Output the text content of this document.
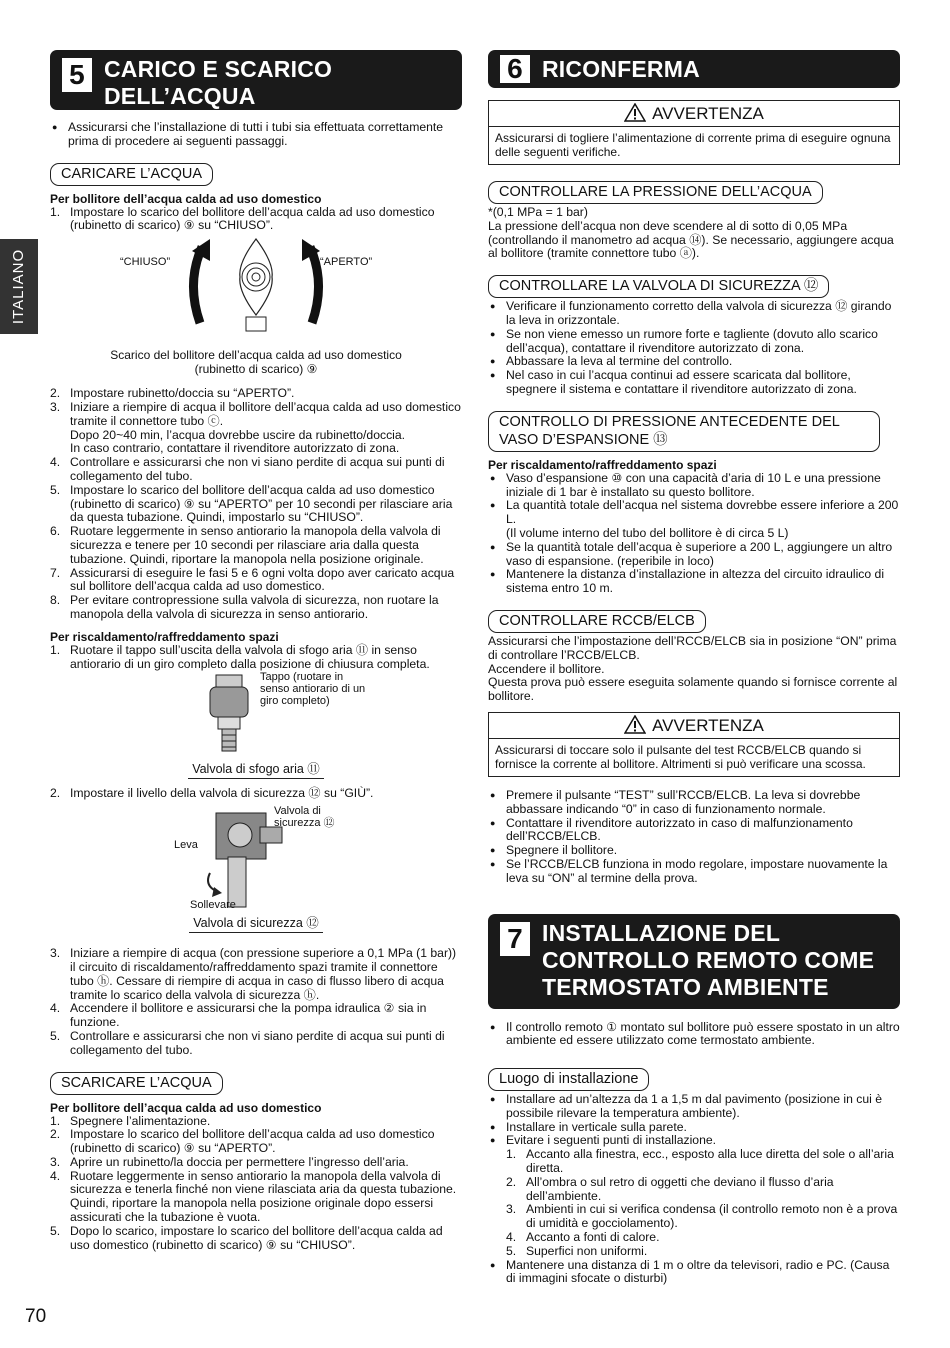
ITALIANO
5 CARICO E SCARICO DELL’ACQUA
● Assicurarsi che l’installazione di tutti i tubi sia effettuata correttamente prima di procedere ai seguenti passaggi.
CARICARE L’ACQUA
Per bollitore dell’acqua calda ad uso domestico
1. Impostare lo scarico del bollitore dell’acqua calda ad uso domestico (rubinetto di scarico) ⑨ su “CHIUSO”.
“CHIUSO”	“APERTO”
Scarico del bollitore dell’acqua calda ad uso domestico (rubinetto di scarico) ⑨
2. Impostare rubinetto/doccia su “APERTO”.
3. Iniziare a riempire di acqua il bollitore dell’acqua calda ad uso domestico tramite il connettore tubo ⓒ.
Dopo 20~40 min, l’acqua dovrebbe uscire da rubinetto/doccia.
In caso contrario, contattare il rivenditore autorizzato di zona.
4. Controllare e assicurarsi che non vi siano perdite di acqua sui punti di collegamento del tubo.
5. Impostare lo scarico del bollitore dell’acqua calda ad uso domestico (rubinetto di scarico) ⑨ su “APERTO” per 10 secondi per rilasciare aria da questa tubazione. Quindi, impostarlo su “CHIUSO”.
6. Ruotare leggermente in senso antiorario la manopola della valvola di sicurezza e tenere per 10 secondi per rilasciare aria dalla questa tubazione. Quindi, riportare la manopola nella posizione originale.
7. Assicurarsi di eseguire le fasi 5 e 6 ogni volta dopo aver caricato acqua sul bollitore dell’acqua calda ad uso domestico.
8. Per evitare contropressione sulla valvola di sicurezza, non ruotare la manopola della valvola di sicurezza in senso antiorario.
Per riscaldamento/raffreddamento spazi
1. Ruotare il tappo sull’uscita della valvola di sfogo aria ⑪ in senso antiorario di un giro completo dalla posizione di chiusura completa.
Tappo (ruotare in senso antiorario di un giro completo)
Valvola di sfogo aria ⑪
2. Impostare il livello della valvola di sicurezza ⑫ su “GIÙ”.
Valvola di sicurezza ⑫
Leva
Sollevare
Valvola di sicurezza ⑫
3. Iniziare a riempire di acqua (con pressione superiore a 0,1 MPa (1 bar)) il circuito di riscaldamento/raffreddamento spazi tramite il connettore tubo ⓗ. Cessare di riempire di acqua in caso di flusso libero di acqua tramite lo scarico della valvola di sicurezza ⓗ.
4. Accendere il bollitore e assicurarsi che la pompa idraulica ② sia in funzione.
5. Controllare e assicurarsi che non vi siano perdite di acqua sui punti di collegamento del tubo.
SCARICARE L’ACQUA
Per bollitore dell’acqua calda ad uso domestico
1. Spegnere l’alimentazione.
2. Impostare lo scarico del bollitore dell’acqua calda ad uso domestico (rubinetto di scarico) ⑨ su “APERTO”.
3. Aprire un rubinetto/la doccia per permettere l’ingresso dell’aria.
4. Ruotare leggermente in senso antiorario la manopola della valvola di sicurezza e tenerla finché non viene rilasciata aria da questa tubazione. Quindi, riportare la manopola nella posizione originale dopo essersi assicurati che la tubazione è vuota.
5. Dopo lo scarico, impostare lo scarico del bollitore dell’acqua calda ad uso domestico (rubinetto di scarico) ⑨ su “CHIUSO”.
6 RICONFERMA
AVVERTENZA
Assicurarsi di togliere l’alimentazione di corrente prima di eseguire ognuna delle seguenti verifiche.
CONTROLLARE LA PRESSIONE DELL’ACQUA
*(0,1 MPa = 1 bar)
La pressione dell’acqua non deve scendere al di sotto di 0,05 MPa (controllando il manometro ad acqua ⑭). Se necessario, aggiungere acqua al bollitore (tramite connettore tubo ⓐ).
CONTROLLARE LA VALVOLA DI SICUREZZA ⑫
● Verificare il funzionamento corretto della valvola di sicurezza ⑫ girando la leva in orizzontale.
● Se non viene emesso un rumore forte e tagliente (dovuto allo scarico dell’acqua), contattare il rivenditore autorizzato di zona.
● Abbassare la leva al termine del controllo.
● Nel caso in cui l’acqua continui ad essere scaricata dal bollitore, spegnere il sistema e contattare il rivenditore autorizzato di zona.
CONTROLLO DI PRESSIONE ANTECEDENTE DEL VASO D’ESPANSIONE ⑬
Per riscaldamento/raffreddamento spazi
● Vaso d’espansione ⑩ con una capacità d’aria di 10 L e una pressione iniziale di 1 bar è installato su questo bollitore.
● La quantità totale dell’acqua nel sistema dovrebbe essere inferiore a 200 L.
(Il volume interno del tubo del bollitore è di circa 5 L)
● Se la quantità totale dell’acqua è superiore a 200 L, aggiungere un altro vaso di espansione. (reperibile in loco)
● Mantenere la distanza d’installazione in altezza del circuito idraulico di sistema entro 10 m.
CONTROLLARE RCCB/ELCB
Assicurarsi che l’impostazione dell’RCCB/ELCB sia in posizione “ON” prima di controllare l’RCCB/ELCB.
Accendere il bollitore.
Questa prova può essere eseguita solamente quando si fornisce corrente al bollitore.
AVVERTENZA
Assicurarsi di toccare solo il pulsante del test RCCB/ELCB quando si fornisce la corrente al bollitore. Altrimenti si può verificare una scossa.
● Premere il pulsante “TEST” sull’RCCB/ELCB. La leva si dovrebbe abbassare indicando “0” in caso di funzionamento normale.
● Contattare il rivenditore autorizzato in caso di malfunzionamento dell’RCCB/ELCB.
● Spegnere il bollitore.
● Se l’RCCB/ELCB funziona in modo regolare, impostare nuovamente la leva su “ON” al termine della prova.
7 INSTALLAZIONE DEL CONTROLLO REMOTO COME TERMOSTATO AMBIENTE
● Il controllo remoto ① montato sul bollitore può essere spostato in un altro ambiente ed essere utilizzato come termostato ambiente.
Luogo di installazione
● Installare ad un’altezza da 1 a 1,5 m dal pavimento (posizione in cui è possibile rilevare la temperatura ambiente).
● Installare in verticale sulla parete.
● Evitare i seguenti punti di installazione.
1. Accanto alla finestra, ecc., esposto alla luce diretta del sole o all’aria diretta.
2. All’ombra o sul retro di oggetti che deviano il flusso d’aria dell’ambiente.
3. Ambienti in cui si verifica condensa (il controllo remoto non è a prova di umidità e gocciolamento).
4. Accanto a fonti di calore.
5. Superfici non uniformi.
● Mantenere una distanza di 1 m o oltre da televisori, radio e PC. (Causa di immagini sfocate o disturbi)
70
